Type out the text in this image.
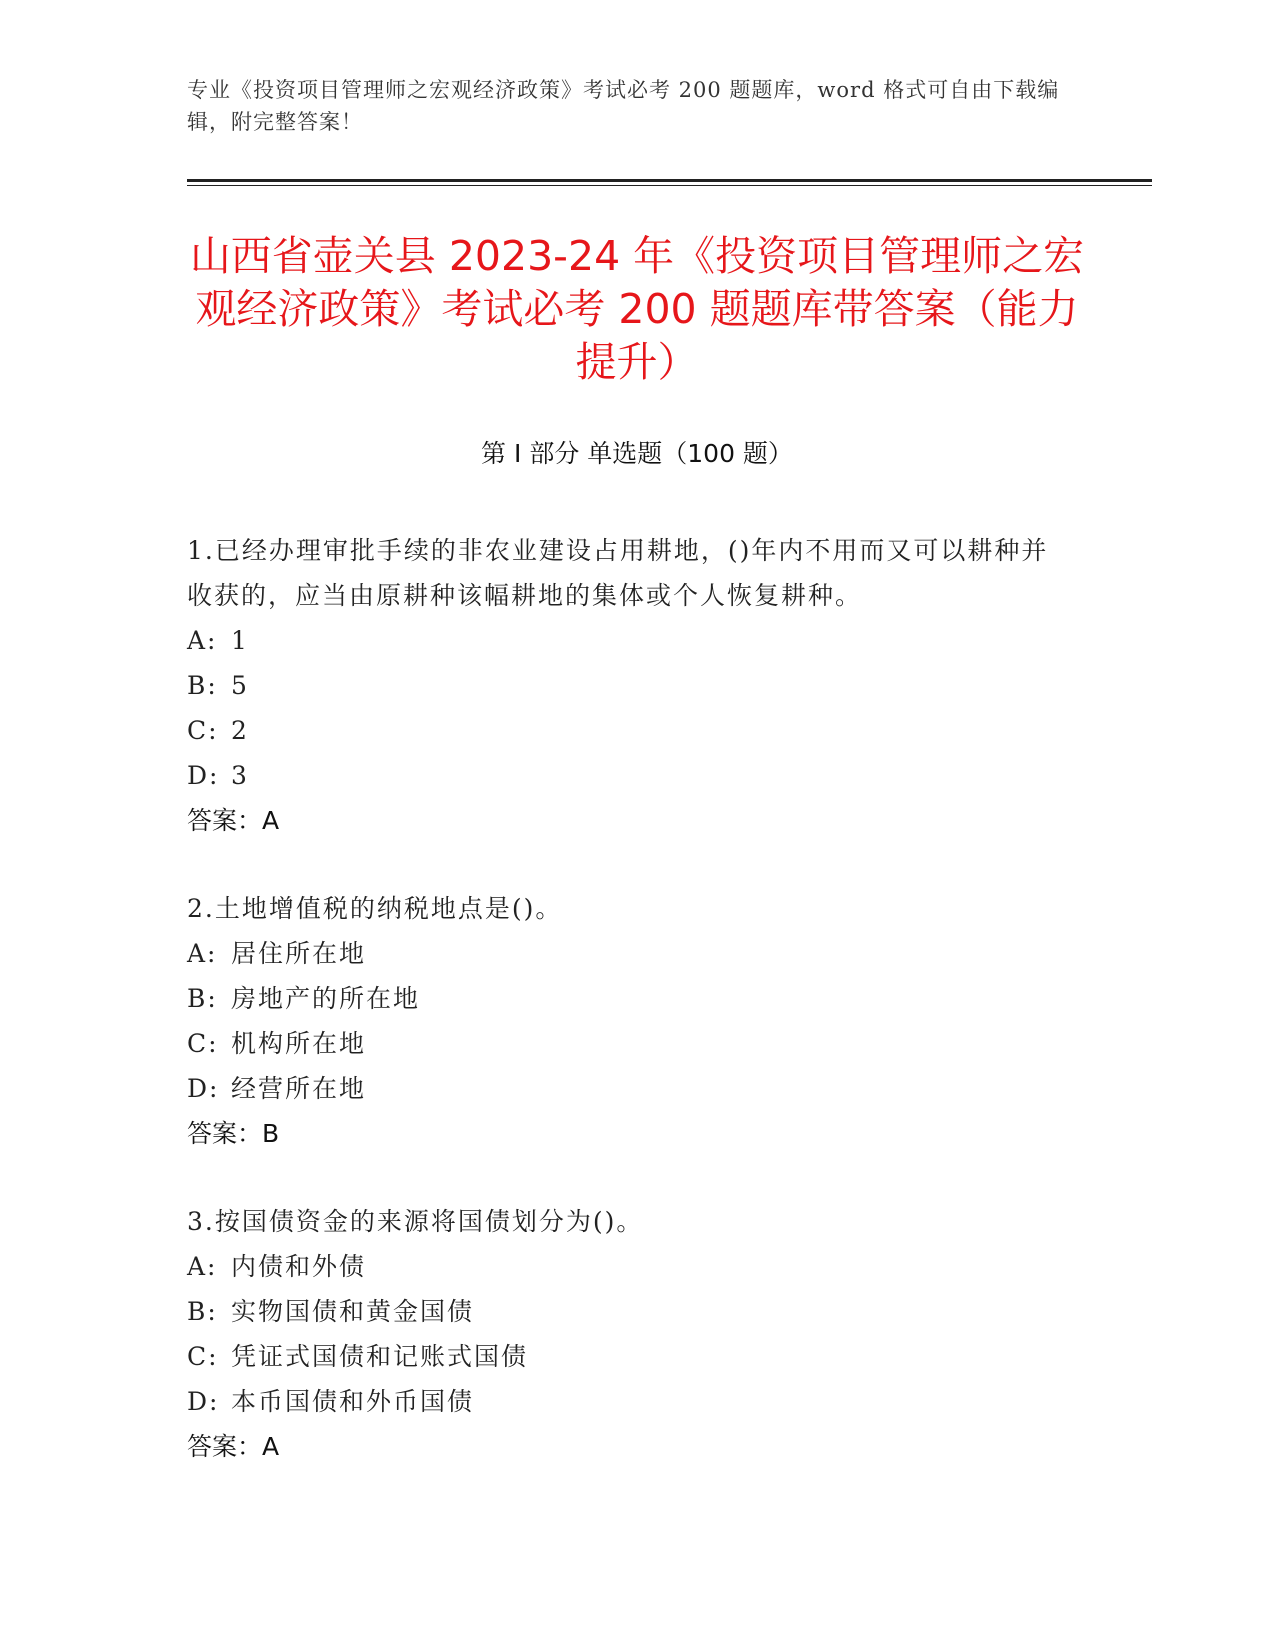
专业《投资项目管理师之宏观经济政策》考试必考 200 题题库，word 格式可自由下载编辑，附完整答案！
山西省壶关县 2023-24 年《投资项目管理师之宏观经济政策》考试必考 200 题题库带答案（能力提升）
第 I 部分 单选题（100 题）

1.已经办理审批手续的非农业建设占用耕地，()年内不用而又可以耕种并收获的，应当由原耕种该幅耕地的集体或个人恢复耕种。

A: 1

B: 5

C: 2

D: 3

答案：A

2.土地增值税的纳税地点是()。

A: 居住所在地

B: 房地产的所在地

C: 机构所在地

D: 经营所在地

答案：B

3.按国债资金的来源将国债划分为()。

A: 内债和外债

B: 实物国债和黄金国债

C: 凭证式国债和记账式国债

D: 本币国债和外币国债

答案：A
